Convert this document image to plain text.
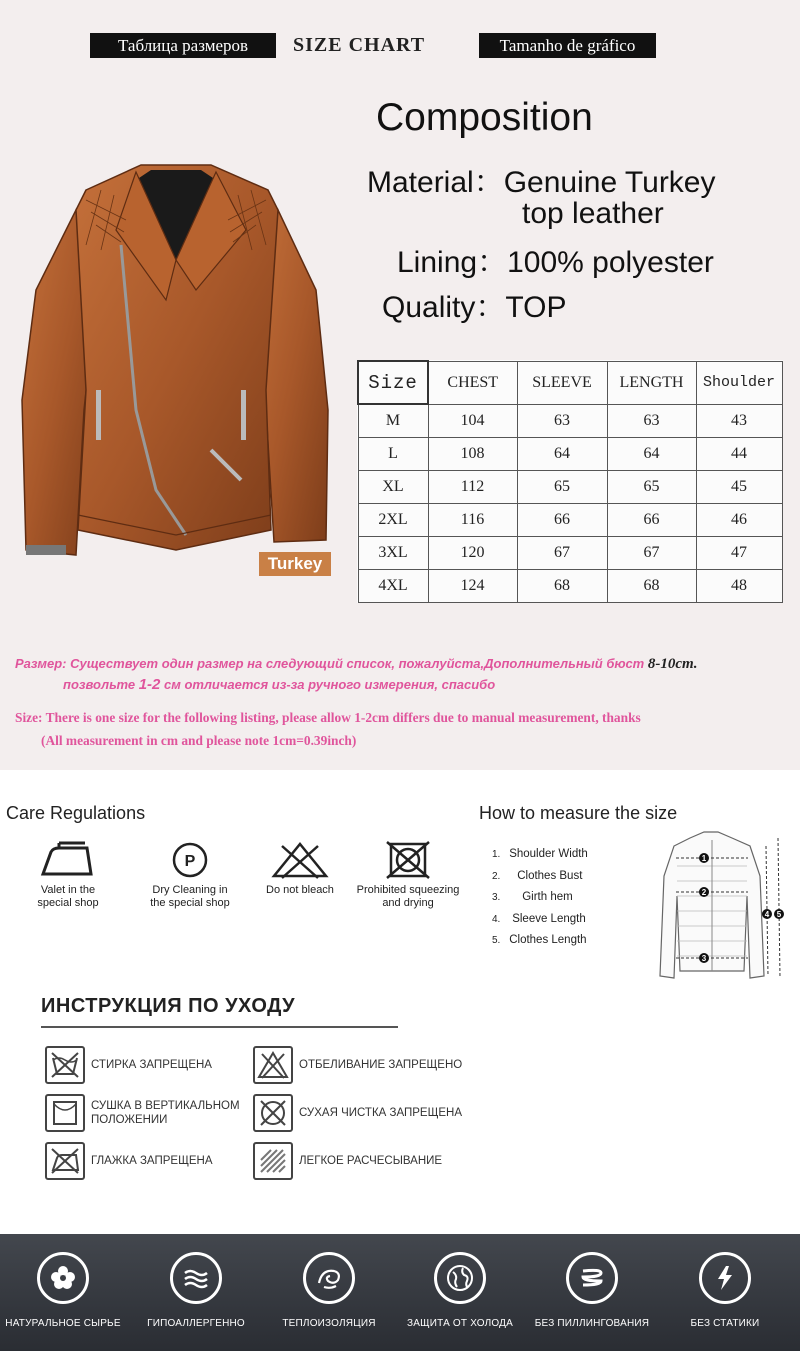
Таблица размеров	SIZE CHART	Tamanho de gráfico
Composition
Material：Genuine Turkey
top leather
Lining：100% polyester
Quality：TOP
Turkey
Size	CHEST	SLEEVE	LENGTH	Shoulder
M	104	63	63	43
L	108	64	64	44
XL	112	65	65	45
2XL	116	66	66	46
3XL	120	67	67	47
4XL	124	68	68	48
Размер: Существует один размер на следующий список, пожалуйста,Дополнительный бюст 8-10cm.
позвольте 1-2 см отличается из-за ручного измерения, спасибо
Size: There is one size for the following listing, please allow 1-2cm differs due to manual measurement, thanks
(All measurement in cm and please note 1cm=0.39inch)
Care Regulations
Valet in the
special shop
P
Dry Cleaning in
the special shop
Do not bleach	Prohibited squeezing
and drying
How to measure the size
1. Shoulder Width
2. Clothes Bust
3. Girth hem
4. Sleeve Length
5. Clothes Length
1
2
3
4 5
ИНСТРУКЦИЯ ПО УХОДУ
СТИРКА ЗАПРЕЩЕНА
СУШКА В ВЕРТИКАЛЬНОМ
ПОЛОЖЕНИИ
ГЛАЖКА ЗАПРЕЩЕНА
ОТБЕЛИВАНИЕ ЗАПРЕЩЕНО
СУХАЯ ЧИСТКА ЗАПРЕЩЕНА
ЛЕГКОЕ РАСЧЕСЫВАНИЕ
НАТУРАЛЬНОЕ СЫРЬЕ	ГИПОАЛЛЕРГЕННО	ТЕПЛОИЗОЛЯЦИЯ	ЗАЩИТА ОТ ХОЛОДА	БЕЗ ПИЛЛИНГОВАНИЯ	БЕЗ СТАТИКИ
